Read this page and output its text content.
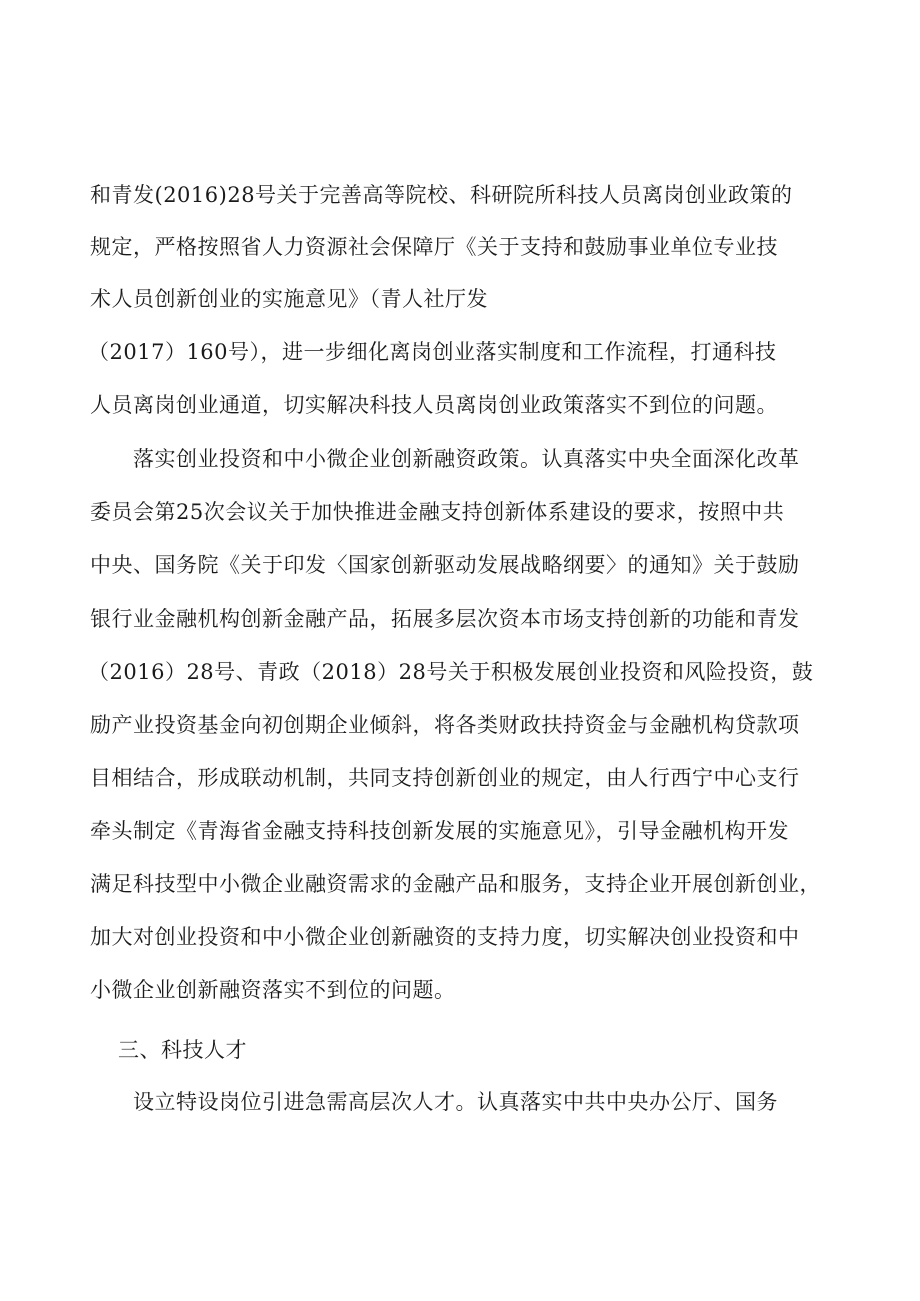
和青发(2016)28号关于完善高等院校、科研院所科技人员离岗创业政策的
规定，严格按照省人力资源社会保障厅《关于支持和鼓励事业单位专业技
术人员创新创业的实施意见》（青人社厅发
（2017）160号），进一步细化离岗创业落实制度和工作流程，打通科技
人员离岗创业通道，切实解决科技人员离岗创业政策落实不到位的问题。
落实创业投资和中小微企业创新融资政策。认真落实中央全面深化改革
委员会第25次会议关于加快推进金融支持创新体系建设的要求，按照中共
中央、国务院《关于印发〈国家创新驱动发展战略纲要〉的通知》关于鼓励
银行业金融机构创新金融产品，拓展多层次资本市场支持创新的功能和青发
（2016）28号、青政（2018）28号关于积极发展创业投资和风险投资，鼓
励产业投资基金向初创期企业倾斜，将各类财政扶持资金与金融机构贷款项
目相结合，形成联动机制，共同支持创新创业的规定，由人行西宁中心支行
牵头制定《青海省金融支持科技创新发展的实施意见》，引导金融机构开发
满足科技型中小微企业融资需求的金融产品和服务，支持企业开展创新创业，
加大对创业投资和中小微企业创新融资的支持力度，切实解决创业投资和中
小微企业创新融资落实不到位的问题。
三、科技人才
设立特设岗位引进急需高层次人才。认真落实中共中央办公厅、国务
